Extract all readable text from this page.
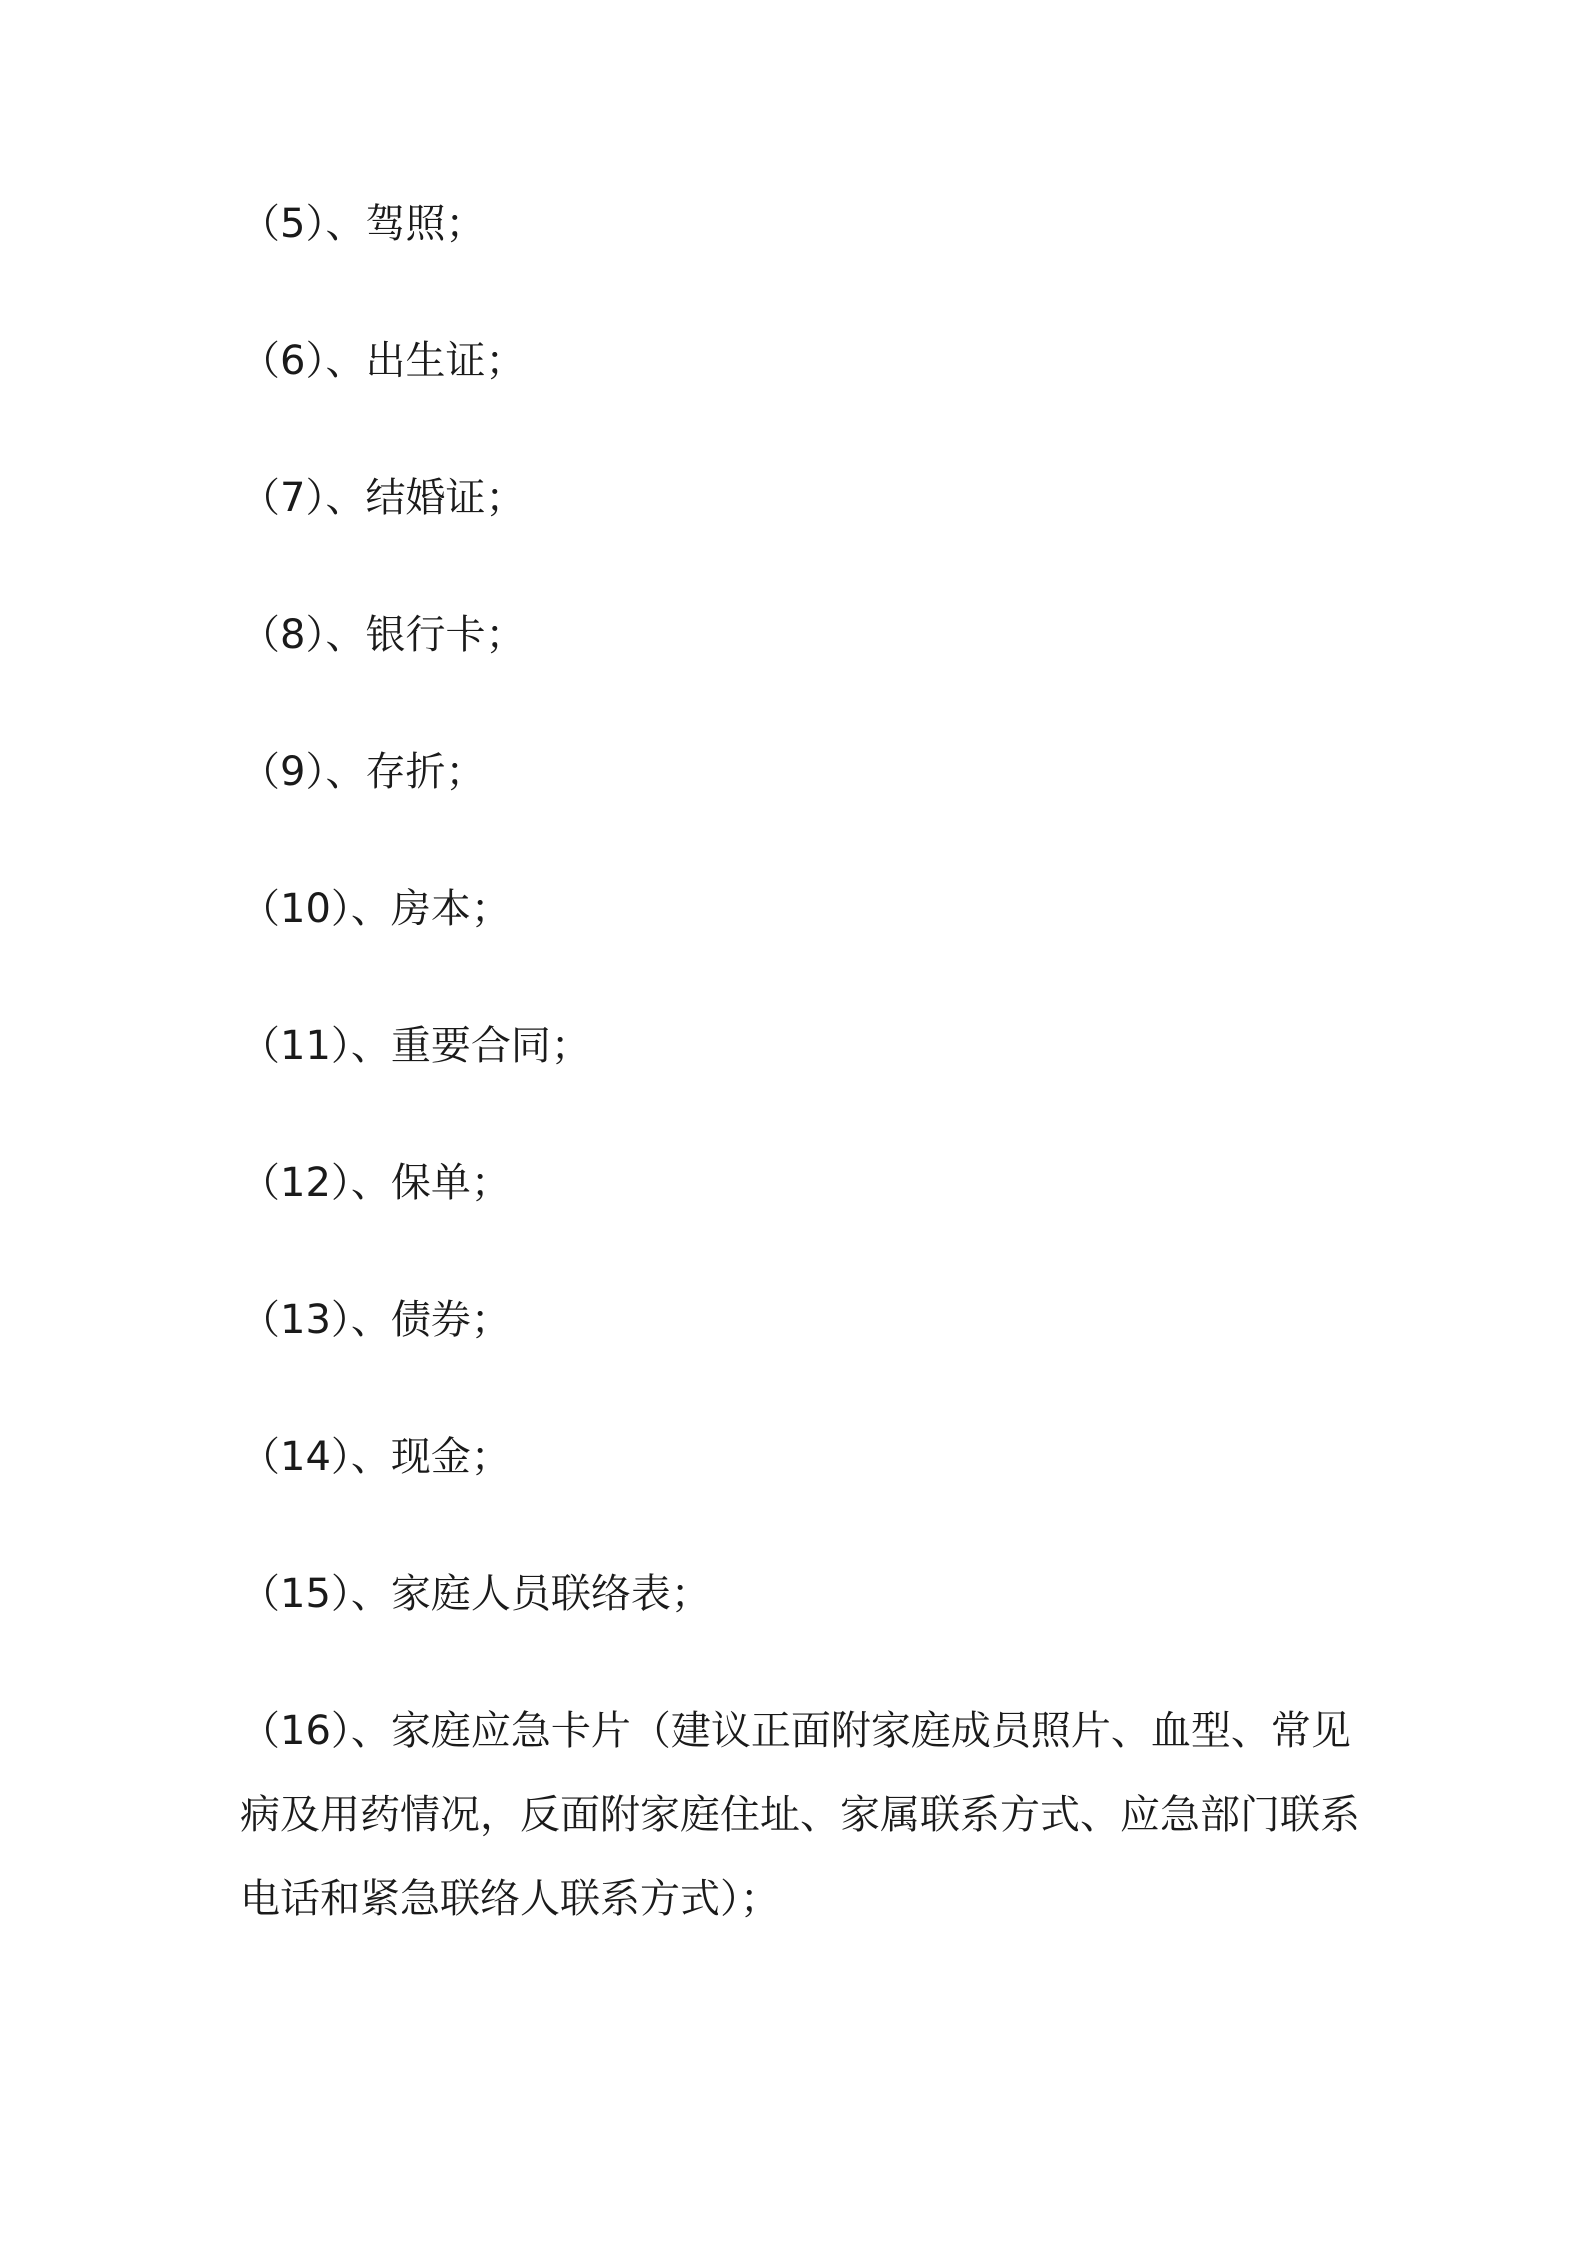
（5）、驾照；
（6）、出生证；
（7）、结婚证；
（8）、银行卡；
（9）、存折；
（10）、房本；
（11）、重要合同；
（12）、保单；
（13）、债券；
（14）、现金；
（15）、家庭人员联络表；
（16）、家庭应急卡片（建议正面附家庭成员照片、血型、常见
病及用药情况，反面附家庭住址、家属联系方式、应急部门联系
电话和紧急联络人联系方式）；
